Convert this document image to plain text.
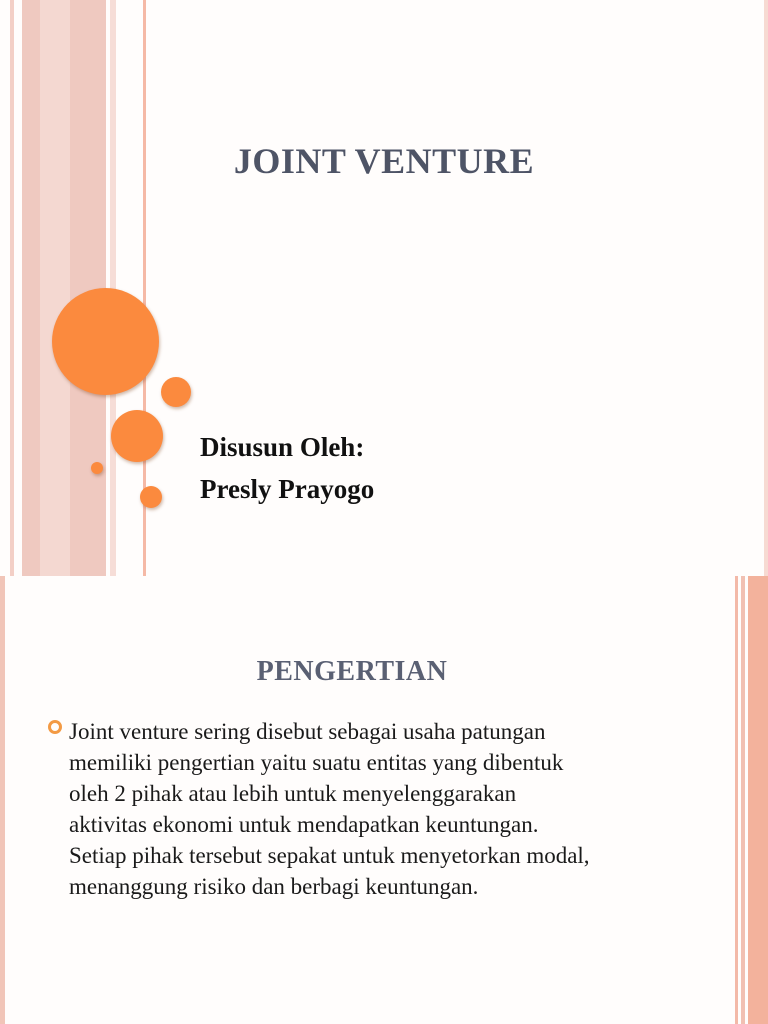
JOINT VENTURE
Disusun Oleh:
Presly Prayogo
PENGERTIAN
Joint venture sering disebut sebagai usaha patungan
memiliki pengertian yaitu suatu entitas yang dibentuk
oleh 2 pihak atau lebih untuk menyelenggarakan
aktivitas ekonomi untuk mendapatkan keuntungan.
Setiap pihak tersebut sepakat untuk menyetorkan modal,
menanggung risiko dan berbagi keuntungan.
